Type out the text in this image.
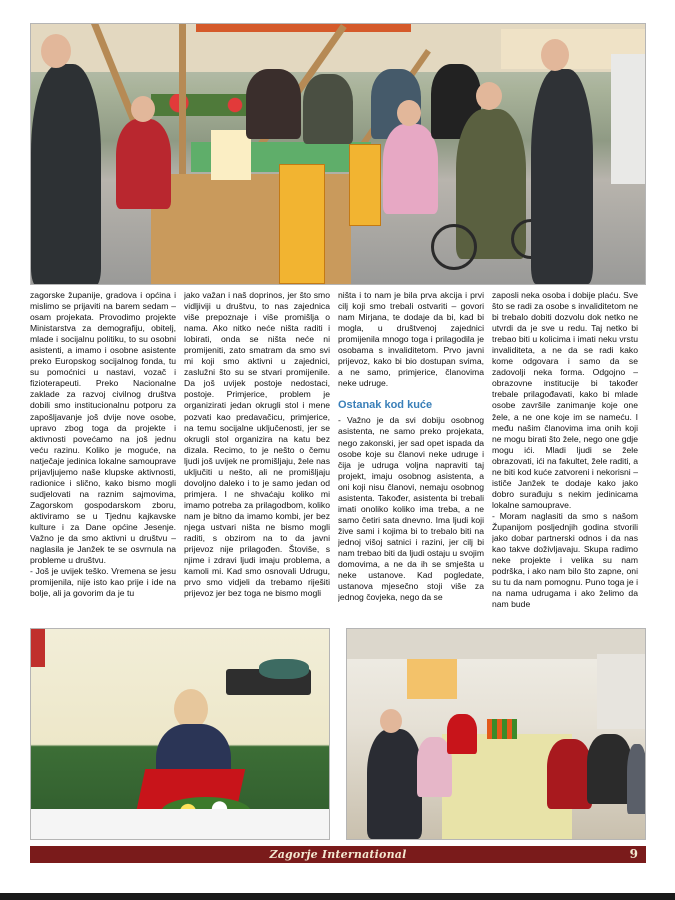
zagorske županije, gradova i općina i mislimo se prijaviti na barem sedam – osam projekata. Provodimo projekte Ministarstva za demografiju, obitelj, mlade i socijalnu politiku, to su osobni asistenti, a imamo i osobne asistente preko Europskog socijalnog fonda, tu su pomoćnici u nastavi, vozač i fizioterapeuti. Preko Nacionalne zaklade za razvoj civilnog društva dobili smo institucionalnu potporu za zapošljavanje još dvije nove osobe, upravo zbog toga da projekte i aktivnosti povećamo na još jednu veću razinu. Koliko je moguće, na natječaje jedinica lokalne samouprave prijavljujemo naše klupske aktivnosti, radionice i slično, kako bismo mogli sudjelovati na raznim sajmovima, Zagorskom gospodarskom zboru, aktiviramo se u Tjednu kajkavske kulture i za Dane općine Jesenje. Važno je da smo aktivni u društvu – naglasila je Janžek te se osvrnula na probleme u društvu.

- Još je uvijek teško. Vremena se jesu promijenila, nije isto kao prije i ide na bolje, ali ja govorim da je tu

jako važan i naš doprinos, jer što smo vidljiviji u društvu, to nas zajednica više prepoznaje i više promišlja o nama. Ako nitko neće ništa raditi i lobirati, onda se ništa neće ni promijeniti, zato smatram da smo svi mi koji smo aktivni u zajednici, zaslužni što su se stvari promijenile. Da još uvijek postoje nedostaci, postoje. Primjerice, problem je organizirati jedan okrugli stol i mene pozvati kao predavačicu, primjerice, na temu socijalne uključenosti, jer se okrugli stol organizira na katu bez dizala. Recimo, to je nešto o čemu ljudi još uvijek ne promišljaju, žele nas uključiti u nešto, ali ne promišljaju dovoljno daleko i to je samo jedan od primjera. I ne shvaćaju koliko mi imamo potreba za prilagodbom, koliko nam je bitno da imamo kombi, jer bez njega ustvari ništa ne bismo mogli raditi, s obzirom na to da javni prijevoz nije prilagođen. Štoviše, s njime i zdravi ljudi imaju problema, a kamoli mi. Kad smo osnovali Udrugu, prvo smo vidjeli da trebamo riješiti prijevoz jer bez toga ne bismo mogli

ništa i to nam je bila prva akcija i prvi cilj koji smo trebali ostvariti – govori nam Mirjana, te dodaje da bi, kad bi mogla, u društvenoj zajednici promijenila mnogo toga i prilagodila je osobama s invaliditetom. Prvo javni prijevoz, kako bi bio dostupan svima, a ne samo, primjerice, članovima neke udruge.

Ostanak kod kuće

- Važno je da svi dobiju osobnog asistenta, ne samo preko projekata, nego zakonski, jer sad opet ispada da osobe koje su članovi neke udruge i čija je udruga voljna napraviti taj projekt, imaju osobnog asistenta, a oni koji nisu članovi, nemaju osobnog asistenta. Također, asistenta bi trebali imati onoliko koliko ima treba, a ne samo četiri sata dnevno. Ima ljudi koji žive sami i kojima bi to trebalo biti na jednoj višoj satnici i razini, jer cilj bi nam trebao biti da ljudi ostaju u svojim domovima, a ne da ih se smješta u neke ustanove. Kad pogledate, ustanova mjesečno stoji više za jednog čovjeka, nego da se

zaposli neka osoba i dobije plaću. Sve što se radi za osobe s invaliditetom ne bi trebalo dobiti dozvolu dok netko ne utvrdi da je sve u redu. Taj netko bi trebao biti u kolicima i imati neku vrstu invaliditeta, a ne da se radi kako kome odgovara i samo da se zadovolji neka forma. Odgojno – obrazovne institucije bi također trebale prilagođavati, kako bi mlade osobe završile zanimanje koje one žele, a ne one koje im se nameću. I među našim članovima ima onih koji ne mogu birati što žele, nego one gdje mogu ići. Mladi ljudi se žele obrazovati, ići na fakultet, žele raditi, a ne biti kod kuće zatvoreni i nekorisni – ističe Janžek te dodaje kako jako dobro surađuju s nekim jedinicama lokalne samouprave.
- Moram naglasiti da smo s našom Županijom posljednjih godina stvorili jako dobar partnerski odnos i da nas kao takve doživljavaju. Skupa radimo neke projekte i velika su nam podrška, i ako nam bilo što zapne, oni su tu da nam pomognu. Puno toga je i na nama udrugama i ako želimo da nam bude

Zagorje International	9
